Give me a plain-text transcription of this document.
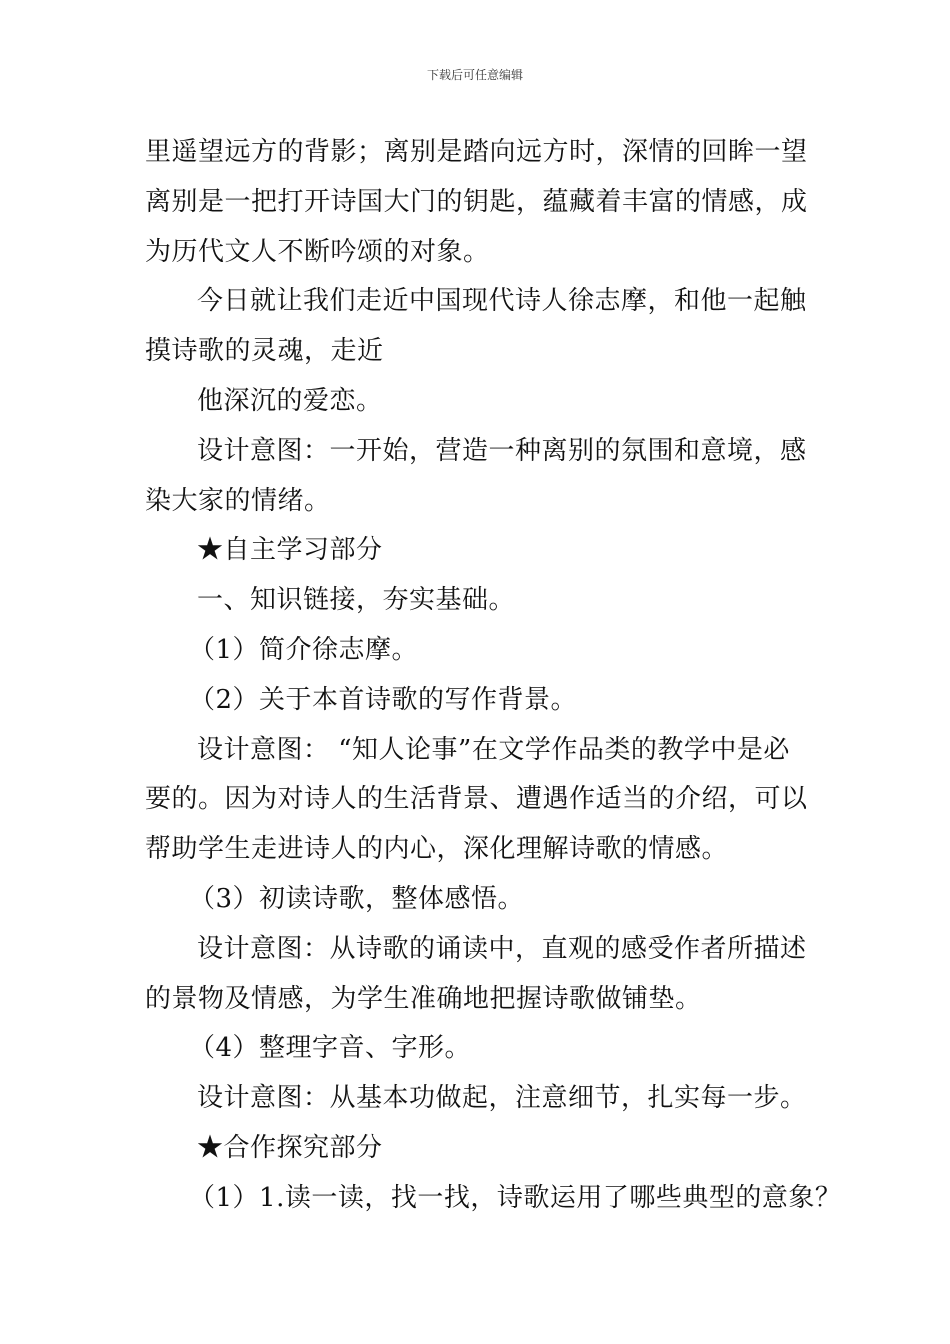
下载后可任意编辑
里遥望远方的背影；离别是踏向远方时，深情的回眸一望
离别是一把打开诗国大门的钥匙，蕴藏着丰富的情感，成
为历代文人不断吟颂的对象。
今日就让我们走近中国现代诗人徐志摩，和他一起触
摸诗歌的灵魂，走近
他深沉的爱恋。
设计意图：一开始，营造一种离别的氛围和意境，感
染大家的情绪。
★自主学习部分
一、知识链接，夯实基础。
（1）简介徐志摩。
（2）关于本首诗歌的写作背景。
设计意图： “知人论事”在文学作品类的教学中是必
要的。因为对诗人的生活背景、遭遇作适当的介绍，可以
帮助学生走进诗人的内心，深化理解诗歌的情感。
（3）初读诗歌，整体感悟。
设计意图：从诗歌的诵读中，直观的感受作者所描述
的景物及情感，为学生准确地把握诗歌做铺垫。
（4）整理字音、字形。
设计意图：从基本功做起，注意细节，扎实每一步。
★合作探究部分
（1）1.读一读，找一找，诗歌运用了哪些典型的意象？
